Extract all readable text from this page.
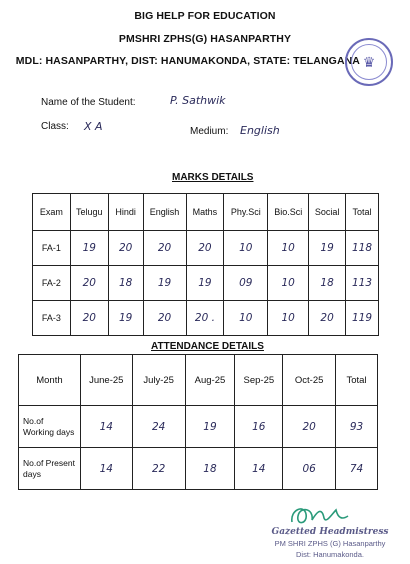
BIG HELP FOR EDUCATION
PMSHRI ZPHS(G) HASANPARTHY
MDL: HASANPARTHY, DIST: HANUMAKONDA, STATE: TELANGANA ♛
Name of the Student:	P. Sathwik
Class: X A	Medium: English
MARKS DETAILS
Exam	Telugu	Hindi	English	Maths	Phy.Sci	Bio.Sci	Social	Total
FA-1	19	20	20	20	10	10	19	118
FA-2	20	18	19	19	09	10	18	113
FA-3	20	19	20	20 .	10	10	20	119
ATTENDANCE DETAILS
Month	June-25	July-25	Aug-25	Sep-25	Oct-25	Total
No.of
Working days	14	24	19	16	20	93
No.of Present
days	14	22	18	14	06	74
Gazetted Headmistress
PM SHRI ZPHS (G) Hasanparthy
Dist: Hanumakonda.
